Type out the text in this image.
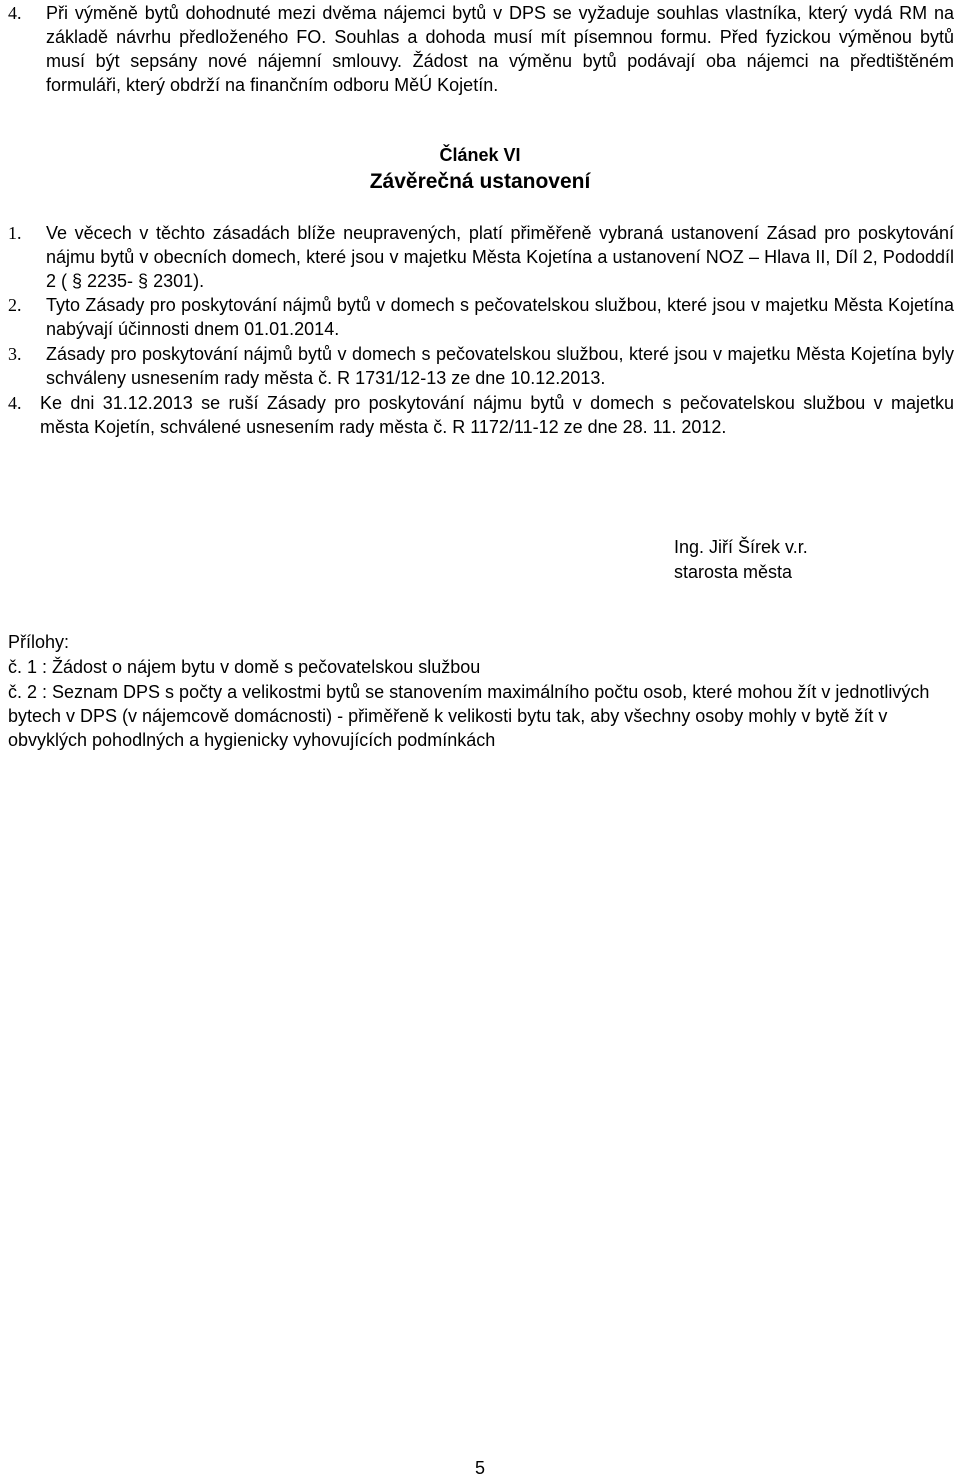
4. Při výměně bytů dohodnuté mezi dvěma nájemci bytů v DPS se vyžaduje souhlas vlastníka, který vydá RM na základě návrhu předloženého FO. Souhlas a dohoda musí mít písemnou formu. Před fyzickou výměnou bytů musí být sepsány nové nájemní smlouvy. Žádost na výměnu bytů podávají oba nájemci na předtištěném formuláři, který obdrží na finančním odboru MěÚ Kojetín.
Článek VI
Závěrečná ustanovení
1. Ve věcech v těchto zásadách blíže neupravených, platí přiměřeně vybraná ustanovení Zásad pro poskytování nájmu bytů v obecních domech, které jsou v majetku Města Kojetína a ustanovení NOZ – Hlava II, Díl 2, Pododdíl 2 ( § 2235- § 2301).
2. Tyto Zásady pro poskytování nájmů bytů v domech s pečovatelskou službou, které jsou v majetku Města Kojetína nabývají účinnosti dnem 01.01.2014.
3. Zásady pro poskytování nájmů bytů v domech s pečovatelskou službou, které jsou v majetku Města Kojetína byly schváleny usnesením rady města č. R 1731/12-13 ze dne 10.12.2013.
4. Ke dni 31.12.2013 se ruší Zásady pro poskytování nájmu bytů v domech s pečovatelskou službou v majetku města Kojetín, schválené usnesením rady města č. R 1172/11-12 ze dne 28. 11. 2012.
Ing. Jiří Šírek v.r.
starosta města
Přílohy:
č. 1 : Žádost o nájem bytu v domě s pečovatelskou službou
č. 2 : Seznam DPS s počty a velikostmi bytů se stanovením maximálního počtu osob, které mohou žít v jednotlivých bytech v DPS (v nájemcově domácnosti) - přiměřeně k velikosti bytu tak, aby všechny osoby mohly v bytě žít v obvyklých pohodlných a hygienicky vyhovujících podmínkách
5
